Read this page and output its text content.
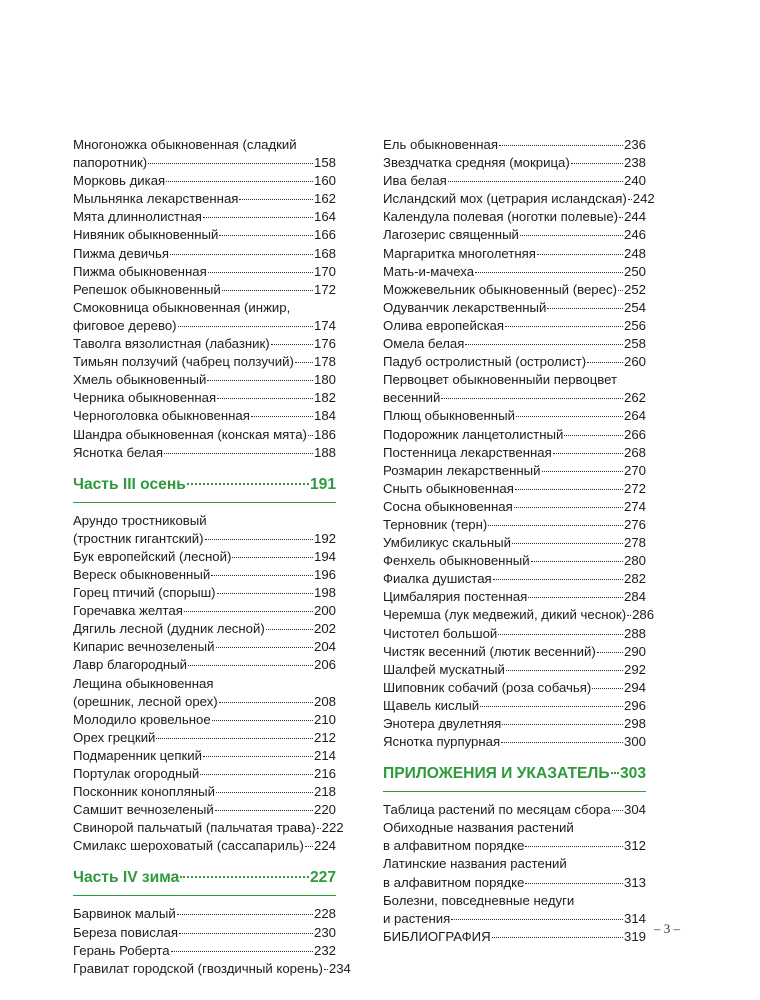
Многоножка обыкновенная (сладкий
папоротник)	158
Морковь дикая	160
Мыльнянка лекарственная	162
Мята длиннолистная	164
Нивяник обыкновенный	166
Пижма девичья	168
Пижма обыкновенная	170
Репешок обыкновенный	172
Смоковница обыкновенная (инжир,
фиговое дерево)	174
Таволга вязолистная (лабазник)	176
Тимьян ползучий (чабрец ползучий) 178
Хмель обыкновенный	180
Черника обыкновенная	182
Черноголовка обыкновенная	184
Шандра обыкновенная (конская мята) 186
Яснотка белая	188
Часть III осень	191
Арундо тростниковый
(тростник гигантский)	192
Бук европейский (лесной)	194
Вереск обыкновенный	196
Горец птичий (спорыш)	198
Горечавка желтая	200
Дягиль лесной (дудник лесной)	202
Кипарис вечнозеленый	204
Лавр благородный	206
Лещина обыкновенная
(орешник, лесной орех)	208
Молодило кровельное	210
Орех грецкий	212
Подмаренник цепкий	214
Портулак огородный	216
Посконник конопляный	218
Самшит вечнозеленый	220
Свинорой пальчатый (пальчатая трава) 222
Смилакс шероховатый (сассапариль) 224
Часть IV зима	227
Барвинок малый	228
Береза повислая	230
Герань Роберта	232
Гравилат городской (гвоздичный корень) 234
Ель обыкновенная	236
Звездчатка средняя (мокрица)	238
Ива белая	240
Исландский мох (цетрария исландская) 242
Календула полевая (ноготки полевые) 244
Лагозерис священный	246
Маргаритка многолетняя	248
Мать-и-мачеха	250
Можжевельник обыкновенный (верес) 252
Одуванчик лекарственный	254
Олива европейская	256
Омела белая	258
Падуб остролистный (остролист)	260
Первоцвет обыкновенныйи первоцвет
весенний	262
Плющ обыкновенный	264
Подорожник ланцетолистный	266
Постенница лекарственная	268
Розмарин лекарственный	270
Сныть обыкновенная	272
Сосна обыкновенная	274
Терновник (терн)	276
Умбиликус скальный	278
Фенхель обыкновенный	280
Фиалка душистая	282
Цимбалярия постенная	284
Черемша (лук медвежий, дикий чеснок) 286
Чистотел большой	288
Чистяк весенний (лютик весенний) 290
Шалфей мускатный	292
Шиповник собачий (роза собачья) 294
Щавель кислый	296
Энотера двулетняя	298
Яснотка пурпурная	300
ПРИЛОЖЕНИЯ И УКАЗАТЕЛЬ 303
Таблица растений по месяцам сбора 304
Обиходные названия растений
в алфавитном порядке	312
Латинские названия растений
в алфавитном порядке	313
Болезни, повседневные недуги
и растения	314
БИБЛИОГРАФИЯ	319
– 3 –
